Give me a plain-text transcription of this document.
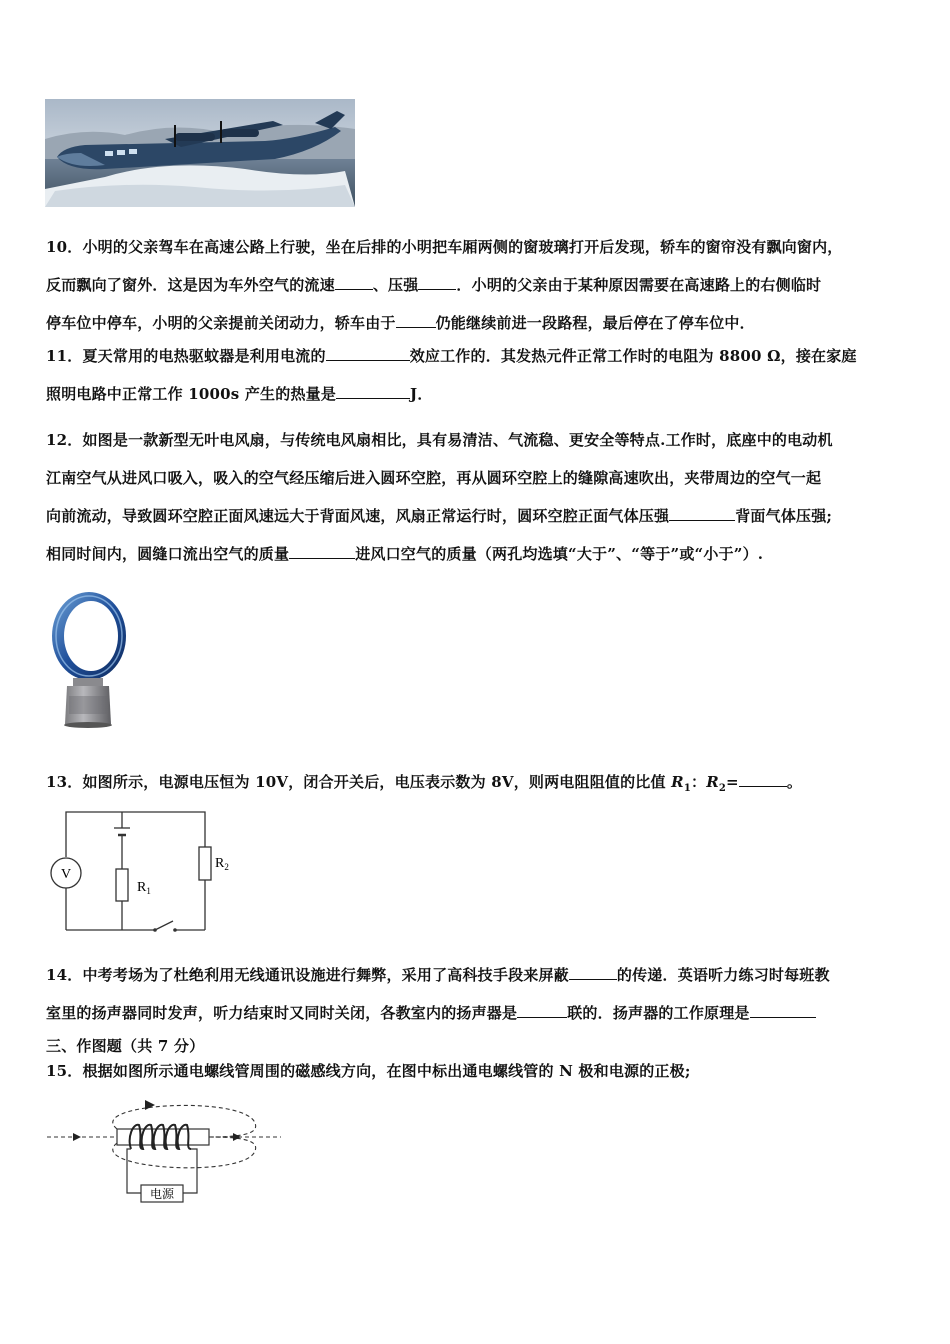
10．小明的父亲驾车在高速公路上行驶，坐在后排的小明把车厢两侧的窗玻璃打开后发现，轿车的窗帘没有飘向窗内，
反而飘向了窗外．这是因为车外空气的流速	、压强	．小明的父亲由于某种原因需要在高速路上的右侧临时
停车位中停车，小明的父亲提前关闭动力，轿车由于	仍能继续前进一段路程，最后停在了停车位中．
11．夏天常用的电热驱蚊器是利用电流的	效应工作的．其发热元件正常工作时的电阻为 8800 Ω，接在家庭
照明电路中正常工作 1000s 产生的热量是	J．
12．如图是一款新型无叶电风扇，与传统电风扇相比，具有易清洁、气流稳、更安全等特点.工作时，底座中的电动机
江南空气从进风口吸入，吸入的空气经压缩后进入圆环空腔，再从圆环空腔上的缝隙高速吹出，夹带周边的空气一起
向前流动，导致圆环空腔正面风速远大于背面风速，风扇正常运行时，圆环空腔正面气体压强	背面气体压强;
相同时间内，圆缝口流出空气的质量	进风口空气的质量（两孔均选填“大于”、“等于”或“小于”）.
13．如图所示，电源电压恒为 10V，闭合开关后，电压表示数为 8V，则两电阻阻值的比值 $R_1$：$R_2=$	。
V
$R_1$
$R_2$
14．中考考场为了杜绝利用无线通讯设施进行舞弊，采用了高科技手段来屏蔽	的传递．英语听力练习时每班教
室里的扬声器同时发声，听力结束时又同时关闭，各教室内的扬声器是	联的．扬声器的工作原理是
三、作图题（共 7 分）
15．根据如图所示通电螺线管周围的磁感线方向，在图中标出通电螺线管的 N 极和电源的正极;
电源
